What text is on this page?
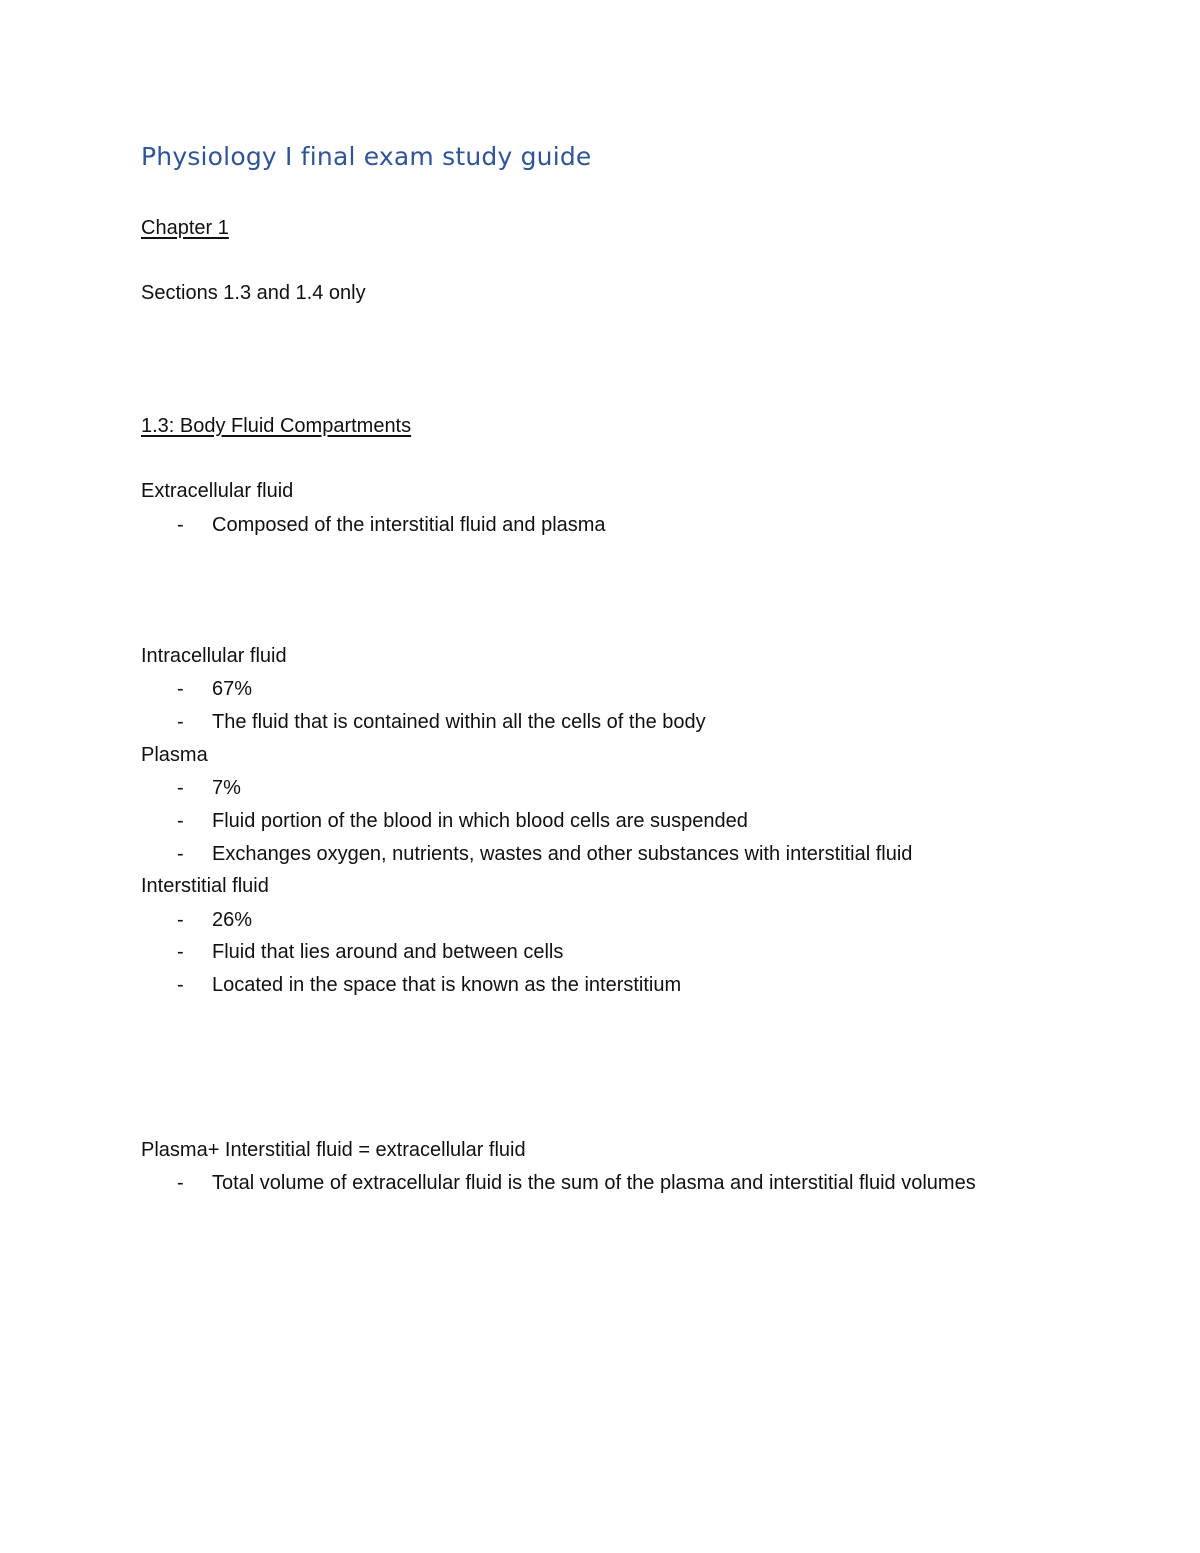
Physiology I final exam study guide
Chapter 1
Sections 1.3 and 1.4 only
1.3: Body Fluid Compartments
Extracellular fluid
- Composed of the interstitial fluid and plasma
Intracellular fluid
- 67%
- The fluid that is contained within all the cells of the body
Plasma
- 7%
- Fluid portion of the blood in which blood cells are suspended
- Exchanges oxygen, nutrients, wastes and other substances with interstitial fluid
Interstitial fluid
- 26%
- Fluid that lies around and between cells
- Located in the space that is known as the interstitium
Plasma+ Interstitial fluid = extracellular fluid
- Total volume of extracellular fluid is the sum of the plasma and interstitial fluid volumes
